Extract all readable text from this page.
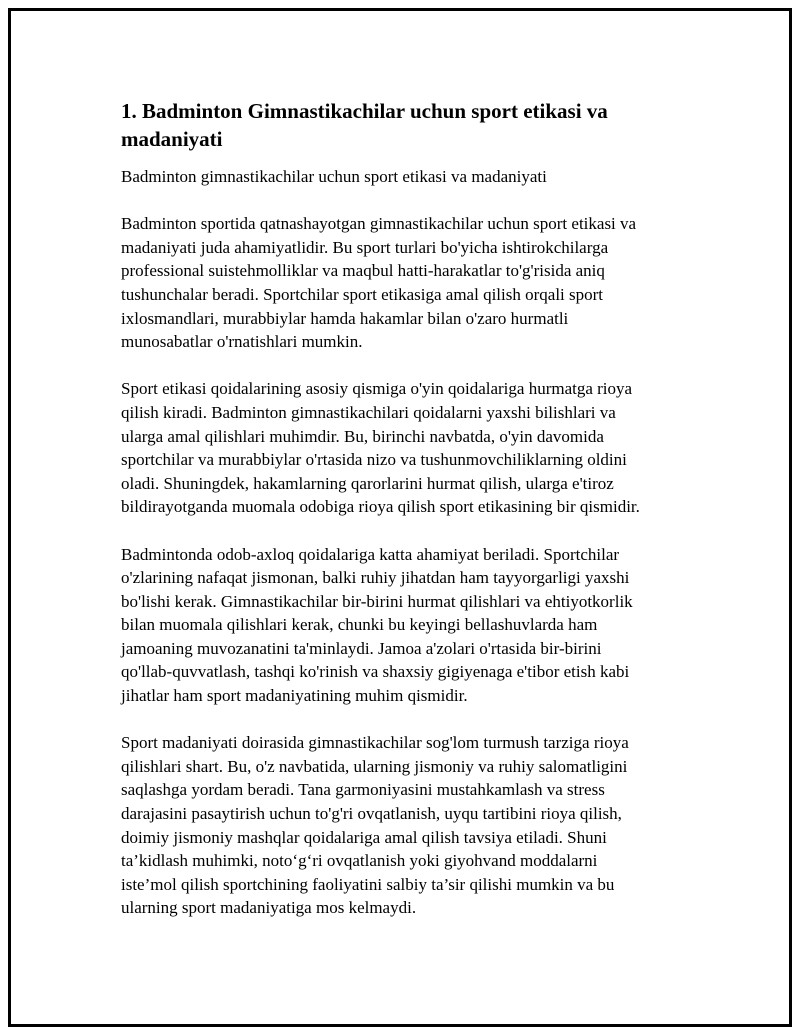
1. Badminton Gimnastikachilar uchun sport etikasi va
madaniyati

Badminton gimnastikachilar uchun sport etikasi va madaniyati

Badminton sportida qatnashayotgan gimnastikachilar uchun sport etikasi va
madaniyati juda ahamiyatlidir. Bu sport turlari bo'yicha ishtirokchilarga
professional suistehmolliklar va maqbul hatti-harakatlar to'g'risida aniq
tushunchalar beradi. Sportchilar sport etikasiga amal qilish orqali sport
ixlosmandlari, murabbiylar hamda hakamlar bilan o'zaro hurmatli
munosabatlar o'rnatishlari mumkin.

Sport etikasi qoidalarining asosiy qismiga o'yin qoidalariga hurmatga rioya
qilish kiradi. Badminton gimnastikachilari qoidalarni yaxshi bilishlari va
ularga amal qilishlari muhimdir. Bu, birinchi navbatda, o'yin davomida
sportchilar va murabbiylar o'rtasida nizo va tushunmovchiliklarning oldini
oladi. Shuningdek, hakamlarning qarorlarini hurmat qilish, ularga e'tiroz
bildirayotganda muomala odobiga rioya qilish sport etikasining bir qismidir.

Badmintonda odob-axloq qoidalariga katta ahamiyat beriladi. Sportchilar
o'zlarining nafaqat jismonan, balki ruhiy jihatdan ham tayyorgarligi yaxshi
bo'lishi kerak. Gimnastikachilar bir-birini hurmat qilishlari va ehtiyotkorlik
bilan muomala qilishlari kerak, chunki bu keyingi bellashuvlarda ham
jamoaning muvozanatini ta'minlaydi. Jamoa a'zolari o'rtasida bir-birini
qo'llab-quvvatlash, tashqi ko'rinish va shaxsiy gigiyenaga e'tibor etish kabi
jihatlar ham sport madaniyatining muhim qismidir.

Sport madaniyati doirasida gimnastikachilar sog'lom turmush tarziga rioya
qilishlari shart. Bu, o'z navbatida, ularning jismoniy va ruhiy salomatligini
saqlashga yordam beradi. Tana garmoniyasini mustahkamlash va stress
darajasini pasaytirish uchun to'g'ri ovqatlanish, uyqu tartibini rioya qilish,
doimiy jismoniy mashqlar qoidalariga amal qilish tavsiya etiladi. Shuni
ta’kidlash muhimki, noto‘g‘ri ovqatlanish yoki giyohvand moddalarni
iste’mol qilish sportchining faoliyatini salbiy ta’sir qilishi mumkin va bu
ularning sport madaniyatiga mos kelmaydi.
